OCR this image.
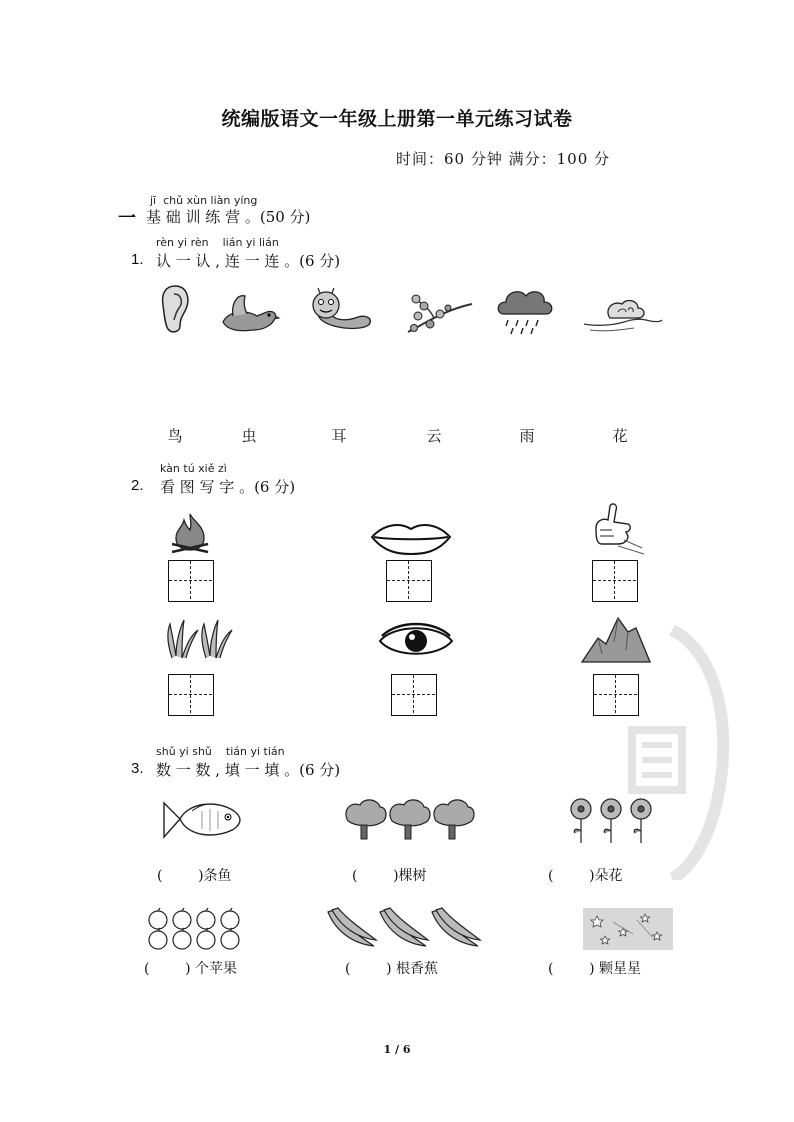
统编版语文一年级上册第一单元练习试卷
时间：60 分钟 满分：100 分
jī  chǔ xùn liàn yíng
一 基 础 训 练 营 。(50 分)
rèn yi rèn    lián yi lián
1. 认 一 认 , 连 一 连 。(6 分)
鸟	虫	耳	云	雨	花
kàn tú xiě zì
2. 看 图 写 字 。(6 分)
shǔ yi shǔ    tián yi tián
3. 数 一 数 , 填 一 填 。(6 分)
(        )条鱼	(        )棵树	(        )朵花
(        ) 个苹果	(        ) 根香蕉	(        ) 颗星星
1 / 6
